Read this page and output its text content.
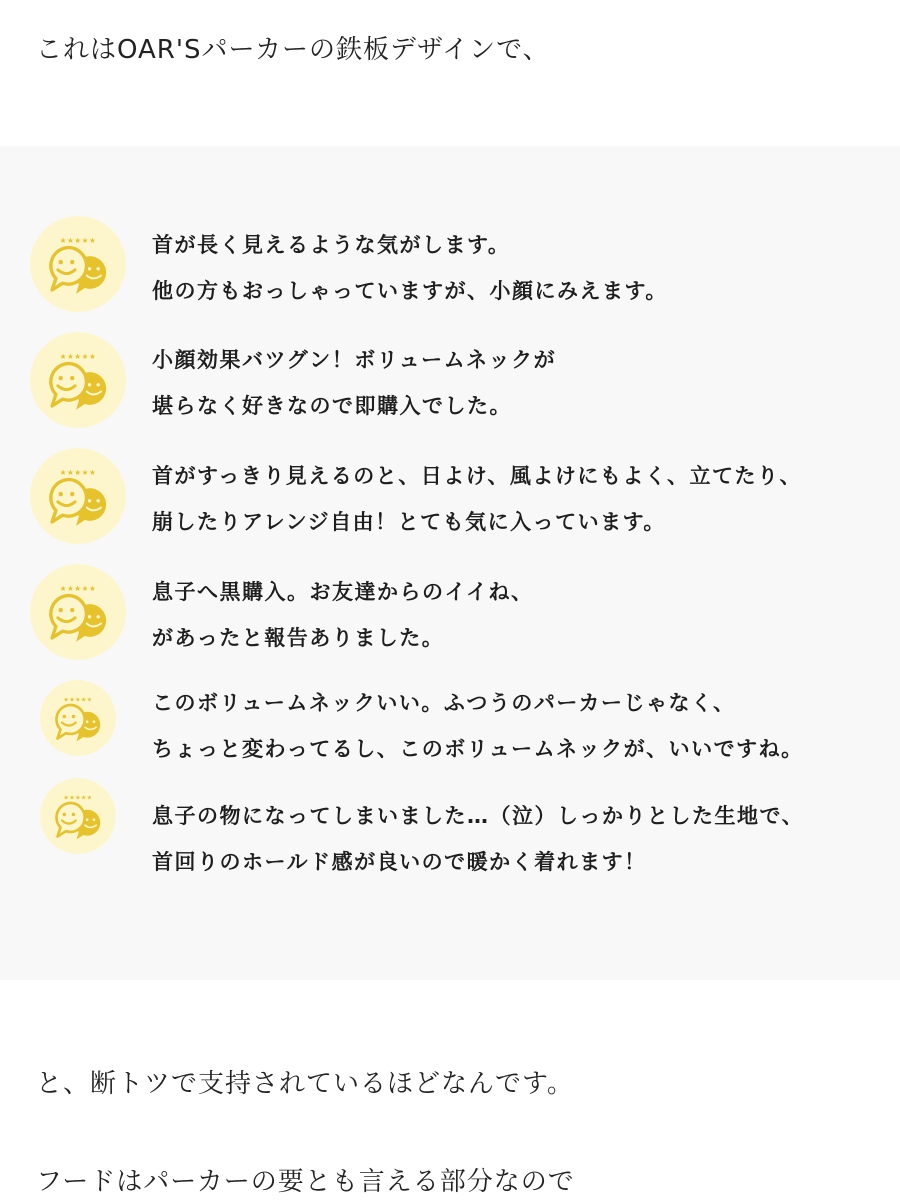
これはOAR'Sパーカーの鉄板デザインで、
★★★★★	首が長く見えるような気がします。
他の方もおっしゃっていますが、小顔にみえます。
★★★★★	小顔効果バツグン！ボリュームネックが
堪らなく好きなので即購入でした。
★★★★★	首がすっきり見えるのと、日よけ、風よけにもよく、立てたり、
崩したりアレンジ自由！とても気に入っています。
★★★★★	息子へ黒購入。お友達からのイイね、
があったと報告ありました。
★★★★★	このボリュームネックいい。ふつうのパーカーじゃなく、
ちょっと変わってるし、このボリュームネックが、いいですね。
★★★★★
息子の物になってしまいました…（泣）しっかりとした生地で、
首回りのホールド感が良いので暖かく着れます！
と、断トツで支持されているほどなんです。
フードはパーカーの要とも言える部分なので
